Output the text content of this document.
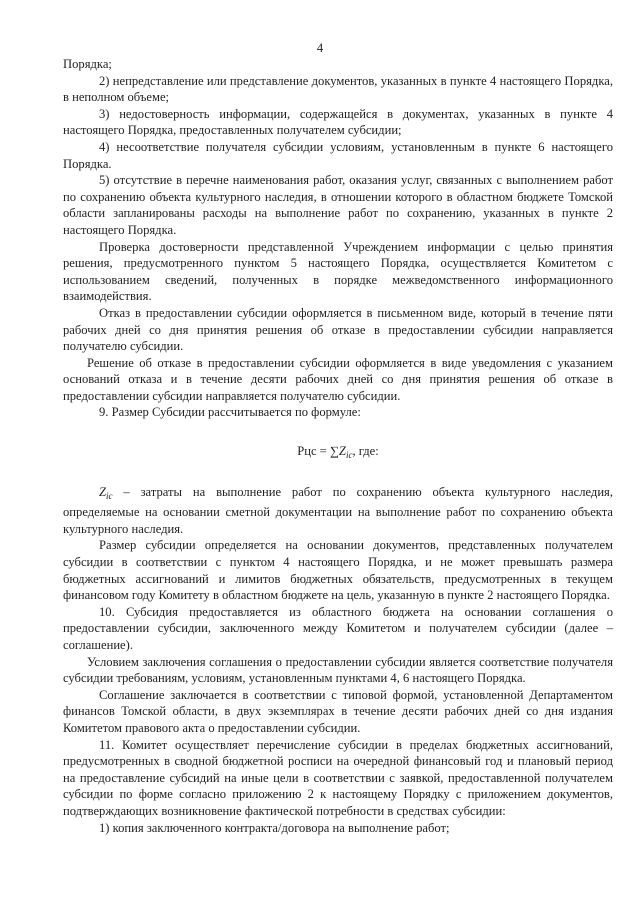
4

Порядка;

2) непредставление или представление документов, указанных в пункте 4 настоящего Порядка, в неполном объеме;

3) недостоверность информации, содержащейся в документах, указанных в пункте 4 настоящего Порядка, предоставленных получателем субсидии;

4) несоответствие получателя субсидии условиям, установленным в пункте 6 настоящего Порядка.

5) отсутствие в перечне наименования работ, оказания услуг, связанных с выполнением работ по сохранению объекта культурного наследия, в отношении которого в областном бюджете Томской области запланированы расходы на выполнение работ по сохранению, указанных в пункте 2 настоящего Порядка.

Проверка достоверности представленной Учреждением информации с целью принятия решения, предусмотренного пунктом 5 настоящего Порядка, осуществляется Комитетом с использованием сведений, полученных в порядке межведомственного информационного взаимодействия.

Отказ в предоставлении субсидии оформляется в письменном виде, который в течение пяти рабочих дней со дня принятия решения об отказе в предоставлении субсидии направляется получателю субсидии.

Решение об отказе в предоставлении субсидии оформляется в виде уведомления с указанием оснований отказа и в течение десяти рабочих дней со дня принятия решения об отказе в предоставлении субсидии направляется получателю субсидии.

9. Размер Субсидии рассчитывается по формуле:

Рцс = $\sum Z_{ic}$, где:

$Z_{ic}$ – затраты на выполнение работ по сохранению объекта культурного наследия, определяемые на основании сметной документации на выполнение работ по сохранению объекта культурного наследия.

Размер субсидии определяется на основании документов, представленных получателем субсидии в соответствии с пунктом 4 настоящего Порядка, и не может превышать размера бюджетных ассигнований и лимитов бюджетных обязательств, предусмотренных в текущем финансовом году Комитету в областном бюджете на цель, указанную в пункте 2 настоящего Порядка.

10. Субсидия предоставляется из областного бюджета на основании соглашения о предоставлении субсидии, заключенного между Комитетом и получателем субсидии (далее – соглашение).

Условием заключения соглашения о предоставлении субсидии является соответствие получателя субсидии требованиям, условиям, установленным пунктами 4, 6 настоящего Порядка.

Соглашение заключается в соответствии с типовой формой, установленной Департаментом финансов Томской области, в двух экземплярах в течение десяти рабочих дней со дня издания Комитетом правового акта о предоставлении субсидии.

11. Комитет осуществляет перечисление субсидии в пределах бюджетных ассигнований, предусмотренных в сводной бюджетной росписи на очередной финансовый год и плановый период на предоставление субсидий на иные цели в соответствии с заявкой, предоставленной получателем субсидии по форме согласно приложению 2 к настоящему Порядку с приложением документов, подтверждающих возникновение фактической потребности в средствах субсидии:

1) копия заключенного контракта/договора на выполнение работ;
